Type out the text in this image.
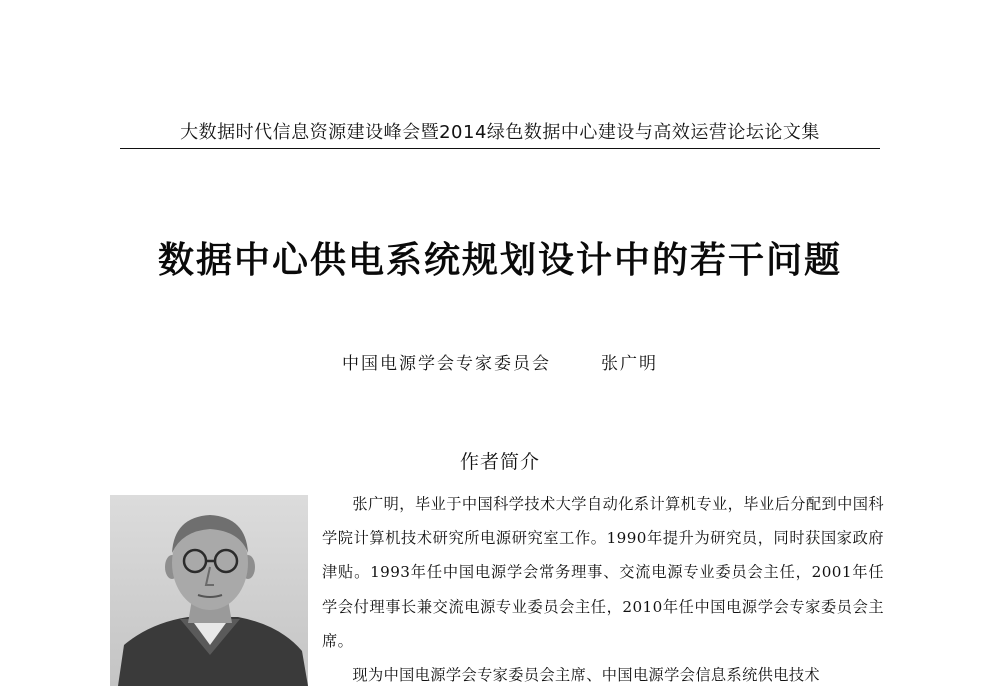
大数据时代信息资源建设峰会暨2014绿色数据中心建设与高效运营论坛论文集
数据中心供电系统规划设计中的若干问题
中国电源学会专家委员会	张广明
作者简介

张广明，毕业于中国科学技术大学自动化系计算机专业，毕业后分配到中国科学院计算机技术研究所电源研究室工作。1990年提升为研究员，同时获国家政府津贴。1993年任中国电源学会常务理事、交流电源专业委员会主任，2001年任学会付理事长兼交流电源专业委员会主任，2010年任中国电源学会专家委员会主席。

现为中国电源学会专家委员会主席、中国电源学会信息系统供电技术
